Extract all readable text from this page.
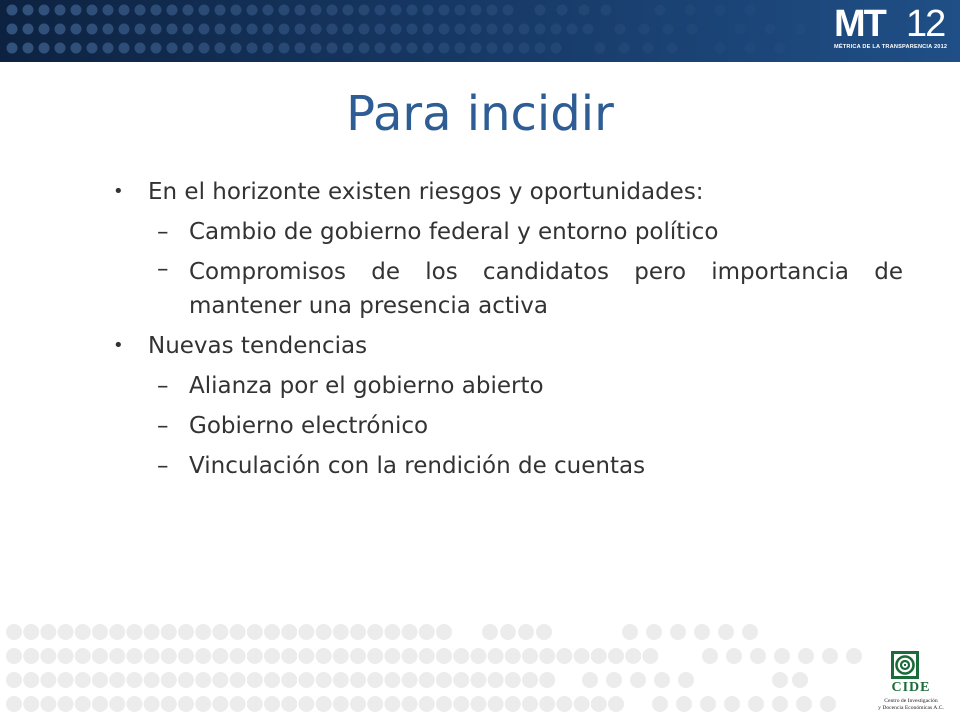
MT 12
MÉTRICA DE LA TRANSPARENCIA 2012
Para incidir
• En el horizonte existen riesgos y oportunidades:
– Cambio de gobierno federal y entorno político
– Compromisos de los candidatos pero importancia de mantener una presencia activa
• Nuevas tendencias
– Alianza por el gobierno abierto
– Gobierno electrónico
– Vinculación con la rendición de cuentas
CIDE
Centro de Investigación
y Docencia Económicas A.C.
